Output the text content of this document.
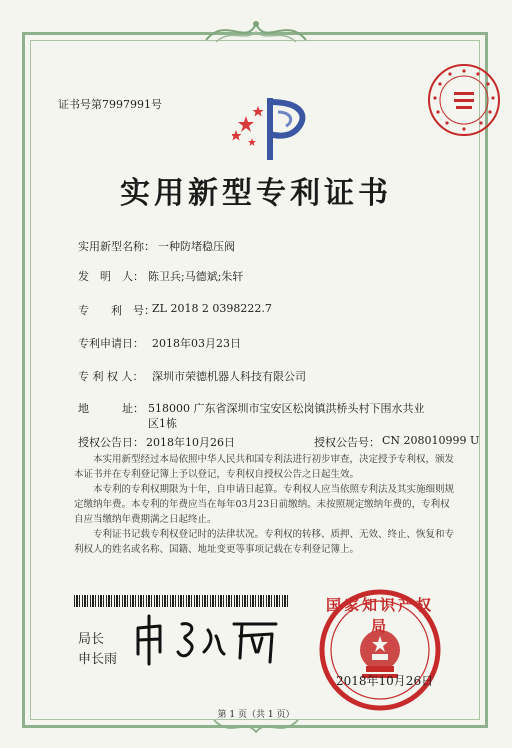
证书号第7997991号
实用新型专利证书
实用新型名称： 一种防堵稳压阀
发　明　人： 陈卫兵;马德斌;朱轩
专　　利　号：
ZL 2018 2 0398222.7
专利申请日： 2018年03月23日
专 利 权 人： 深圳市荣德机器人科技有限公司
地　　　址： 518000 广东省深圳市宝安区松岗镇洪桥头村下围水共业
区1栋
授权公告日： 2018年10月26日	授权公告号： CN 208010999 U

本实用新型经过本局依照中华人民共和国专利法进行初步审查，决定授予专利权，颁发本证书并在专利登记簿上予以登记，专利权自授权公告之日起生效。

本专利的专利权期限为十年，自申请日起算。专利权人应当依照专利法及其实施细则规定缴纳年费。本专利的年费应当在每年03月23日前缴纳。未按照规定缴纳年费的，专利权自应当缴纳年费期满之日起终止。

专利证书记载专利权登记时的法律状况。专利权的转移、质押、无效、终止、恢复和专利权人的姓名或名称、国籍、地址变更等事项记载在专利登记簿上。

局长
申长雨
国家知识产权局
2018年10月26日
第 1 页（共 1 页）
